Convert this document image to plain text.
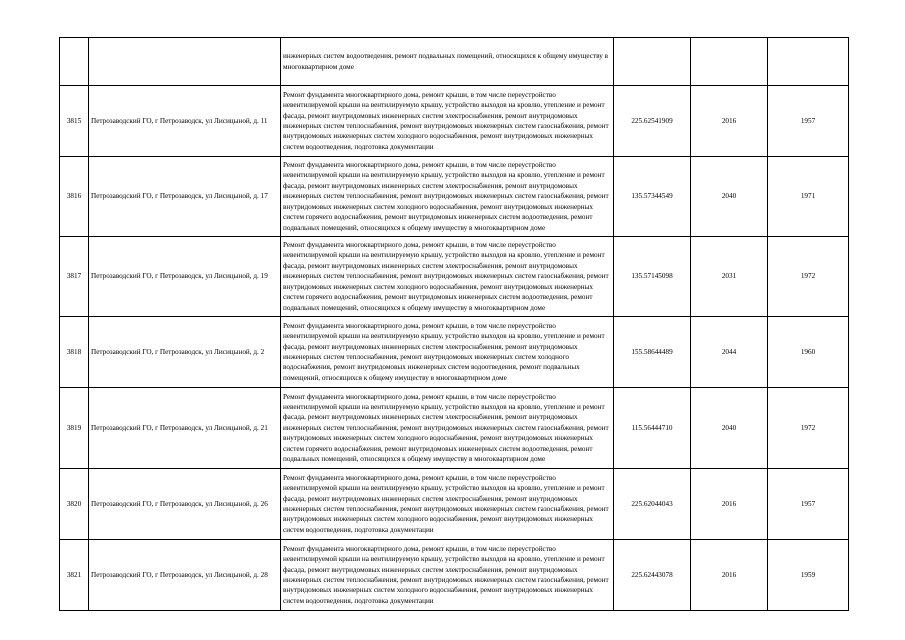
		инженерных систем водоотведения, ремонт подвальных помещений, относящихся к общему имуществу в многоквартирном доме			
3815	Петрозаводский ГО, г Петрозаводск, ул Лисицыной, д. 11	Ремонт фундамента многоквартирного дома, ремонт крыши, в том числе переустройство невентилируемой крыши на вентилируемую крышу, устройство выходов на кровлю, утепление и ремонт фасада, ремонт внутридомовых инженерных систем электроснабжения, ремонт внутридомовых инженерных систем теплоснабжения, ремонт внутридомовых инженерных систем газоснабжения, ремонт внутридомовых инженерных систем холодного водоснабжения, ремонт внутридомовых инженерных систем водоотведения, подготовка документации	225.62541909	2016	1957
3816	Петрозаводский ГО, г Петрозаводск, ул Лисицыной, д. 17	Ремонт фундамента многоквартирного дома, ремонт крыши, в том числе переустройство невентилируемой крыши на вентилируемую крышу, устройство выходов на кровлю, утепление и ремонт фасада, ремонт внутридомовых инженерных систем электроснабжения, ремонт внутридомовых инженерных систем теплоснабжения, ремонт внутридомовых инженерных систем газоснабжения, ремонт внутридомовых инженерных систем холодного водоснабжения, ремонт внутридомовых инженерных систем горячего водоснабжения, ремонт внутридомовых инженерных систем водоотведения, ремонт подвальных помещений, относящихся к общему имуществу в многоквартирном доме	135.57344549	2040	1971
3817	Петрозаводский ГО, г Петрозаводск, ул Лисицыной, д. 19	Ремонт фундамента многоквартирного дома, ремонт крыши, в том числе переустройство невентилируемой крыши на вентилируемую крышу, устройство выходов на кровлю, утепление и ремонт фасада, ремонт внутридомовых инженерных систем электроснабжения, ремонт внутридомовых инженерных систем теплоснабжения, ремонт внутридомовых инженерных систем газоснабжения, ремонт внутридомовых инженерных систем холодного водоснабжения, ремонт внутридомовых инженерных систем горячего водоснабжения, ремонт внутридомовых инженерных систем водоотведения, ремонт подвальных помещений, относящихся к общему имуществу в многоквартирном доме	135.57145098	2031	1972
3818	Петрозаводский ГО, г Петрозаводск, ул Лисицыной, д. 2	Ремонт фундамента многоквартирного дома, ремонт крыши, в том числе переустройство невентилируемой крыши на вентилируемую крышу, устройство выходов на кровлю, утепление и ремонт фасада, ремонт внутридомовых инженерных систем электроснабжения, ремонт внутридомовых инженерных систем теплоснабжения, ремонт внутридомовых инженерных систем холодного водоснабжения, ремонт внутридомовых инженерных систем водоотведения, ремонт подвальных помещений, относящихся к общему имуществу в многоквартирном доме	155.58644489	2044	1960
3819	Петрозаводский ГО, г Петрозаводск, ул Лисицыной, д. 21	Ремонт фундамента многоквартирного дома, ремонт крыши, в том числе переустройство невентилируемой крыши на вентилируемую крышу, устройство выходов на кровлю, утепление и ремонт фасада, ремонт внутридомовых инженерных систем электроснабжения, ремонт внутридомовых инженерных систем теплоснабжения, ремонт внутридомовых инженерных систем газоснабжения, ремонт внутридомовых инженерных систем холодного водоснабжения, ремонт внутридомовых инженерных систем горячего водоснабжения, ремонт внутридомовых инженерных систем водоотведения, ремонт подвальных помещений, относящихся к общему имуществу в многоквартирном доме	115.56444710	2040	1972
3820	Петрозаводский ГО, г Петрозаводск, ул Лисицыной, д. 26	Ремонт фундамента многоквартирного дома, ремонт крыши, в том числе переустройство невентилируемой крыши на вентилируемую крышу, устройство выходов на кровлю, утепление и ремонт фасада, ремонт внутридомовых инженерных систем электроснабжения, ремонт внутридомовых инженерных систем теплоснабжения, ремонт внутридомовых инженерных систем газоснабжения, ремонт внутридомовых инженерных систем холодного водоснабжения, ремонт внутридомовых инженерных систем водоотведения, подготовка документации	225.62044043	2016	1957
3821	Петрозаводский ГО, г Петрозаводск, ул Лисицыной, д. 28	Ремонт фундамента многоквартирного дома, ремонт крыши, в том числе переустройство невентилируемой крыши на вентилируемую крышу, устройство выходов на кровлю, утепление и ремонт фасада, ремонт внутридомовых инженерных систем электроснабжения, ремонт внутридомовых инженерных систем теплоснабжения, ремонт внутридомовых инженерных систем газоснабжения, ремонт внутридомовых инженерных систем холодного водоснабжения, ремонт внутридомовых инженерных систем водоотведения, подготовка документации	225.62443078	2016	1959
